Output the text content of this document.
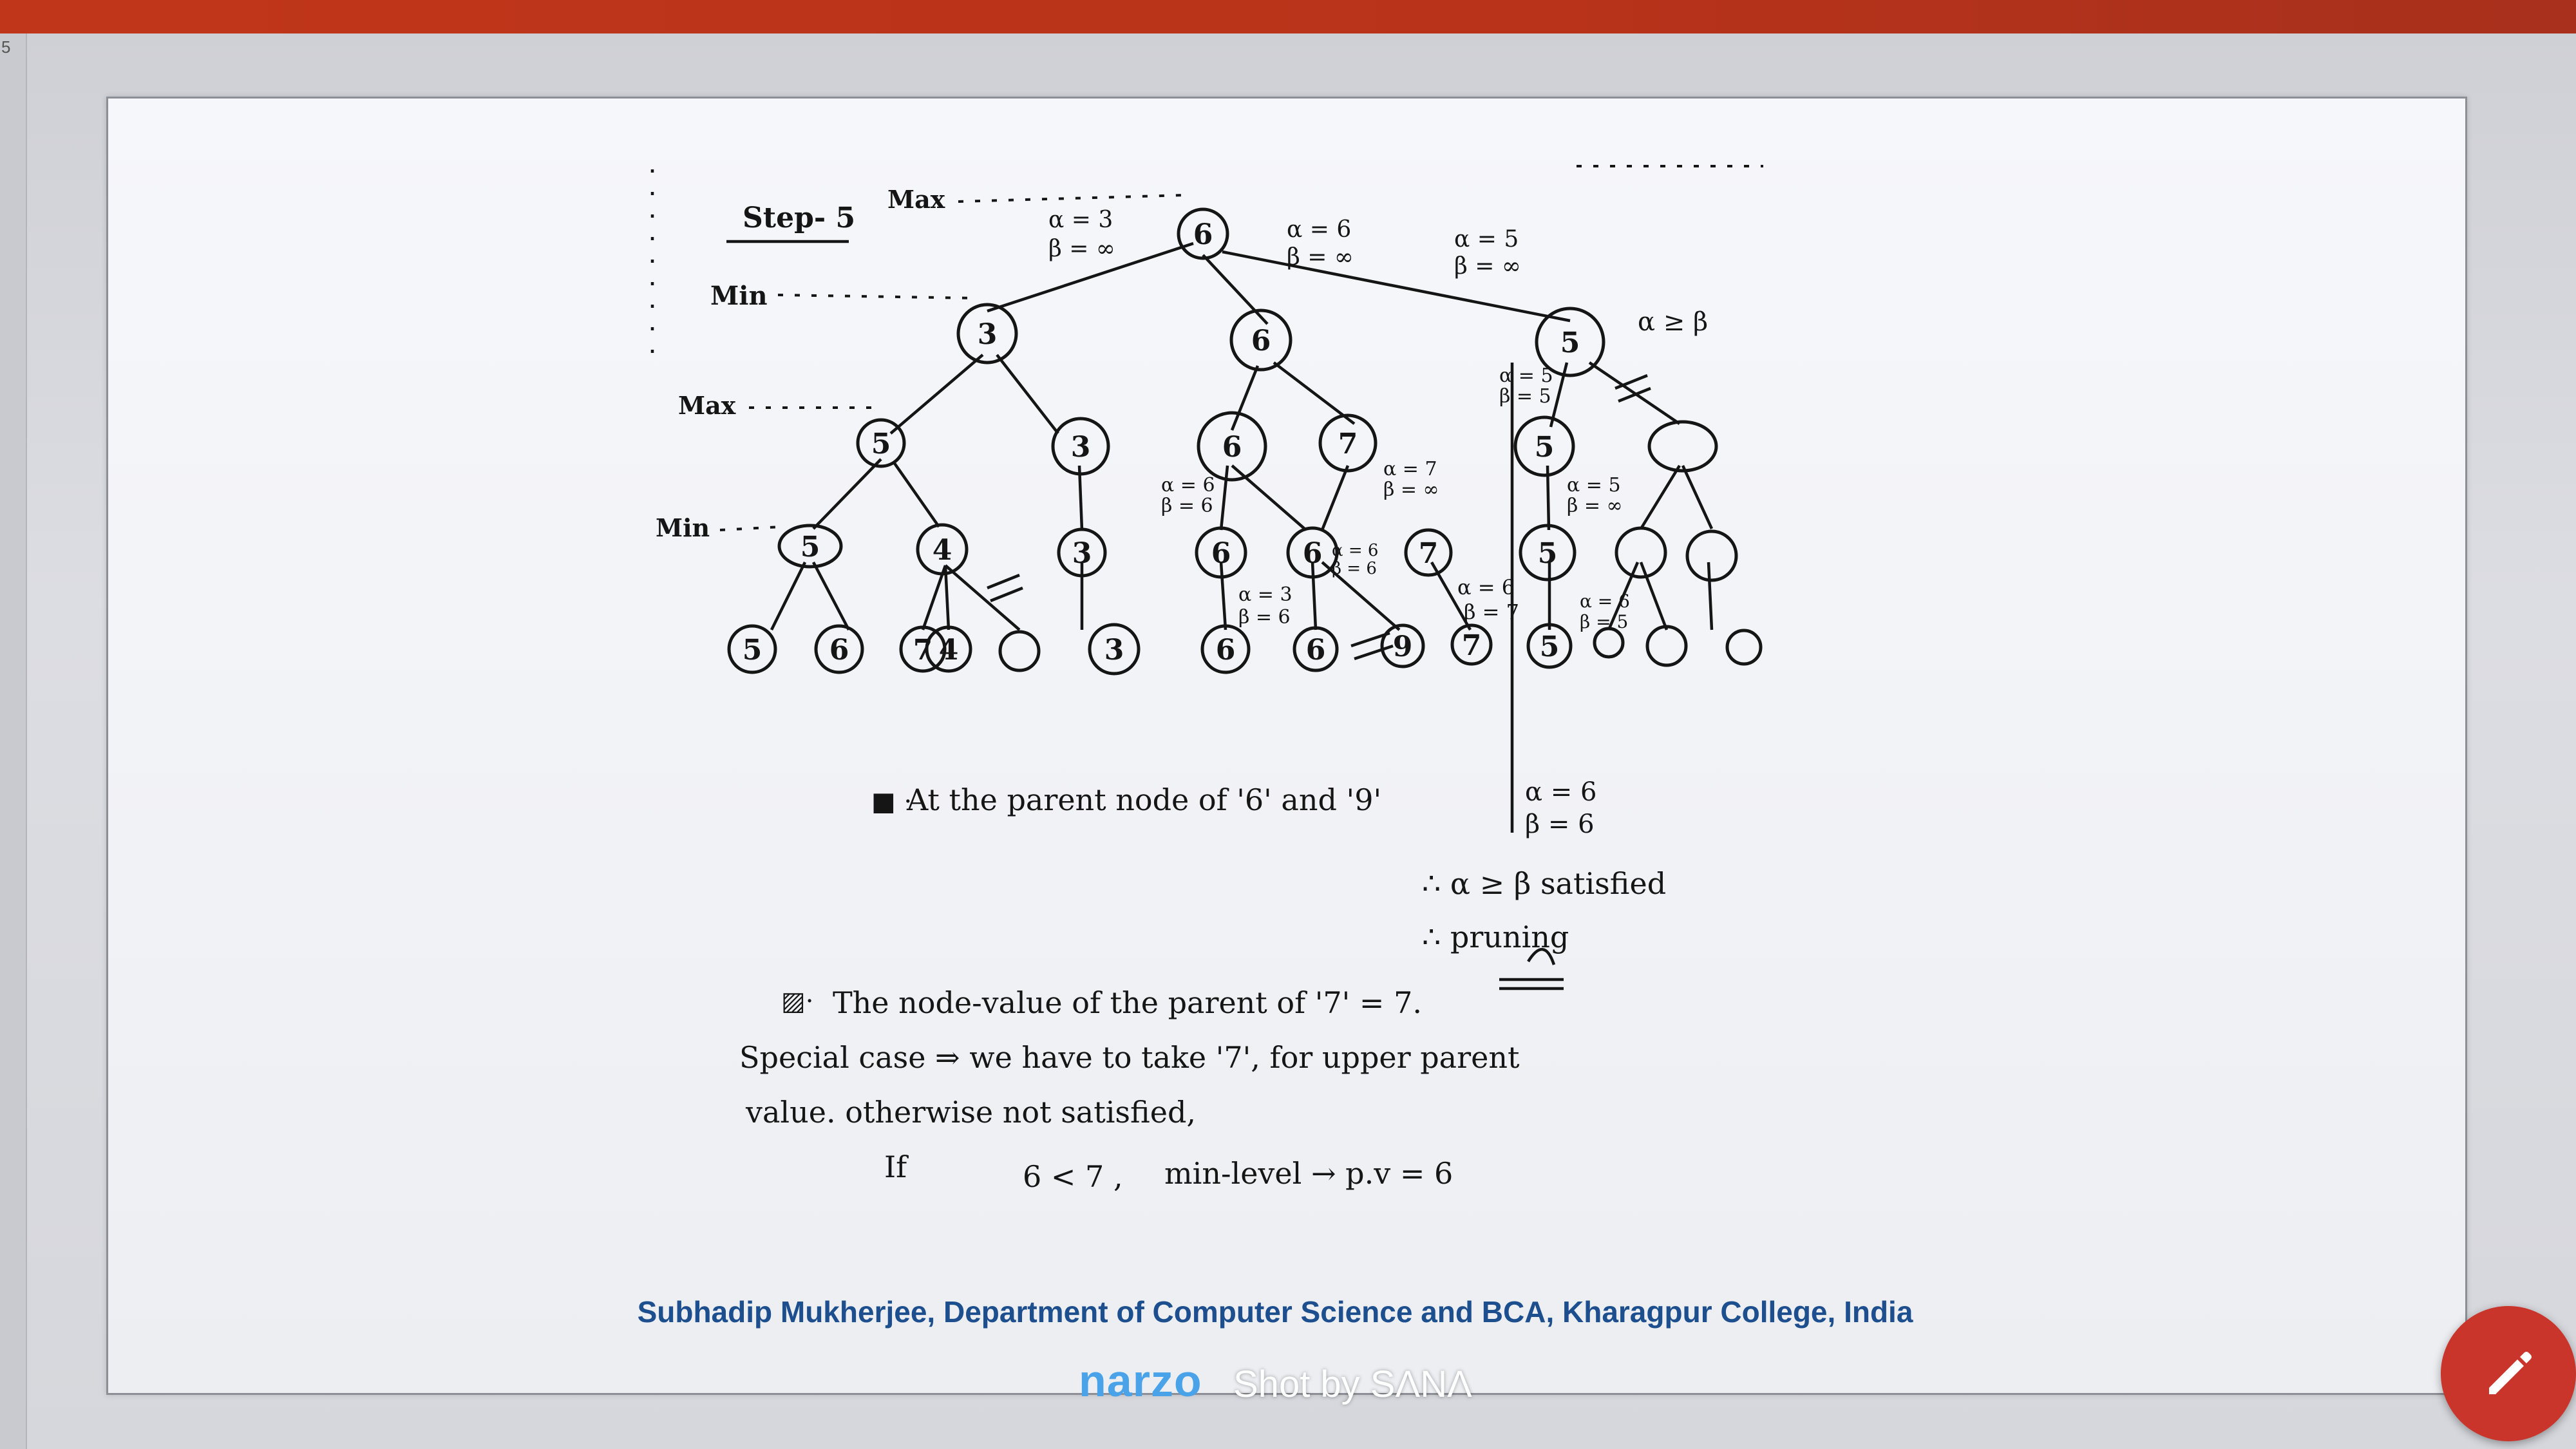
5
Step- 5
Max
Min
Max
Min
6
3	6	5
5	3	6	7	5
5	4	3	6	6	7	5
5 6 7 4	3	6 6 9 7 5
α = 3
β = ∞
α = 6
β = ∞
α = 5
β = ∞
α ≥ β
α = 5
β = 5
α = 6
β = 6
α = 7
β = ∞	α = 5
β = ∞
α = 6
β = 6
α = 3
β = 6
α = 6
β = 7	α = 6
β = 5
■ ·
At the parent node of '6' and '9'	α = 6
β = 6
∴ α ≥ β satisfied
∴ pruning
▨· The node-value of the parent of '7' = 7.
Special case ⇒ we have to take '7', for upper parent
value. otherwise not satisfied,
If	6 < 7 , min-level → p.v = 6
Subhadip Mukherjee, Department of Computer Science and BCA, Kharagpur College, India
narzo Shot by SΛNΛ
